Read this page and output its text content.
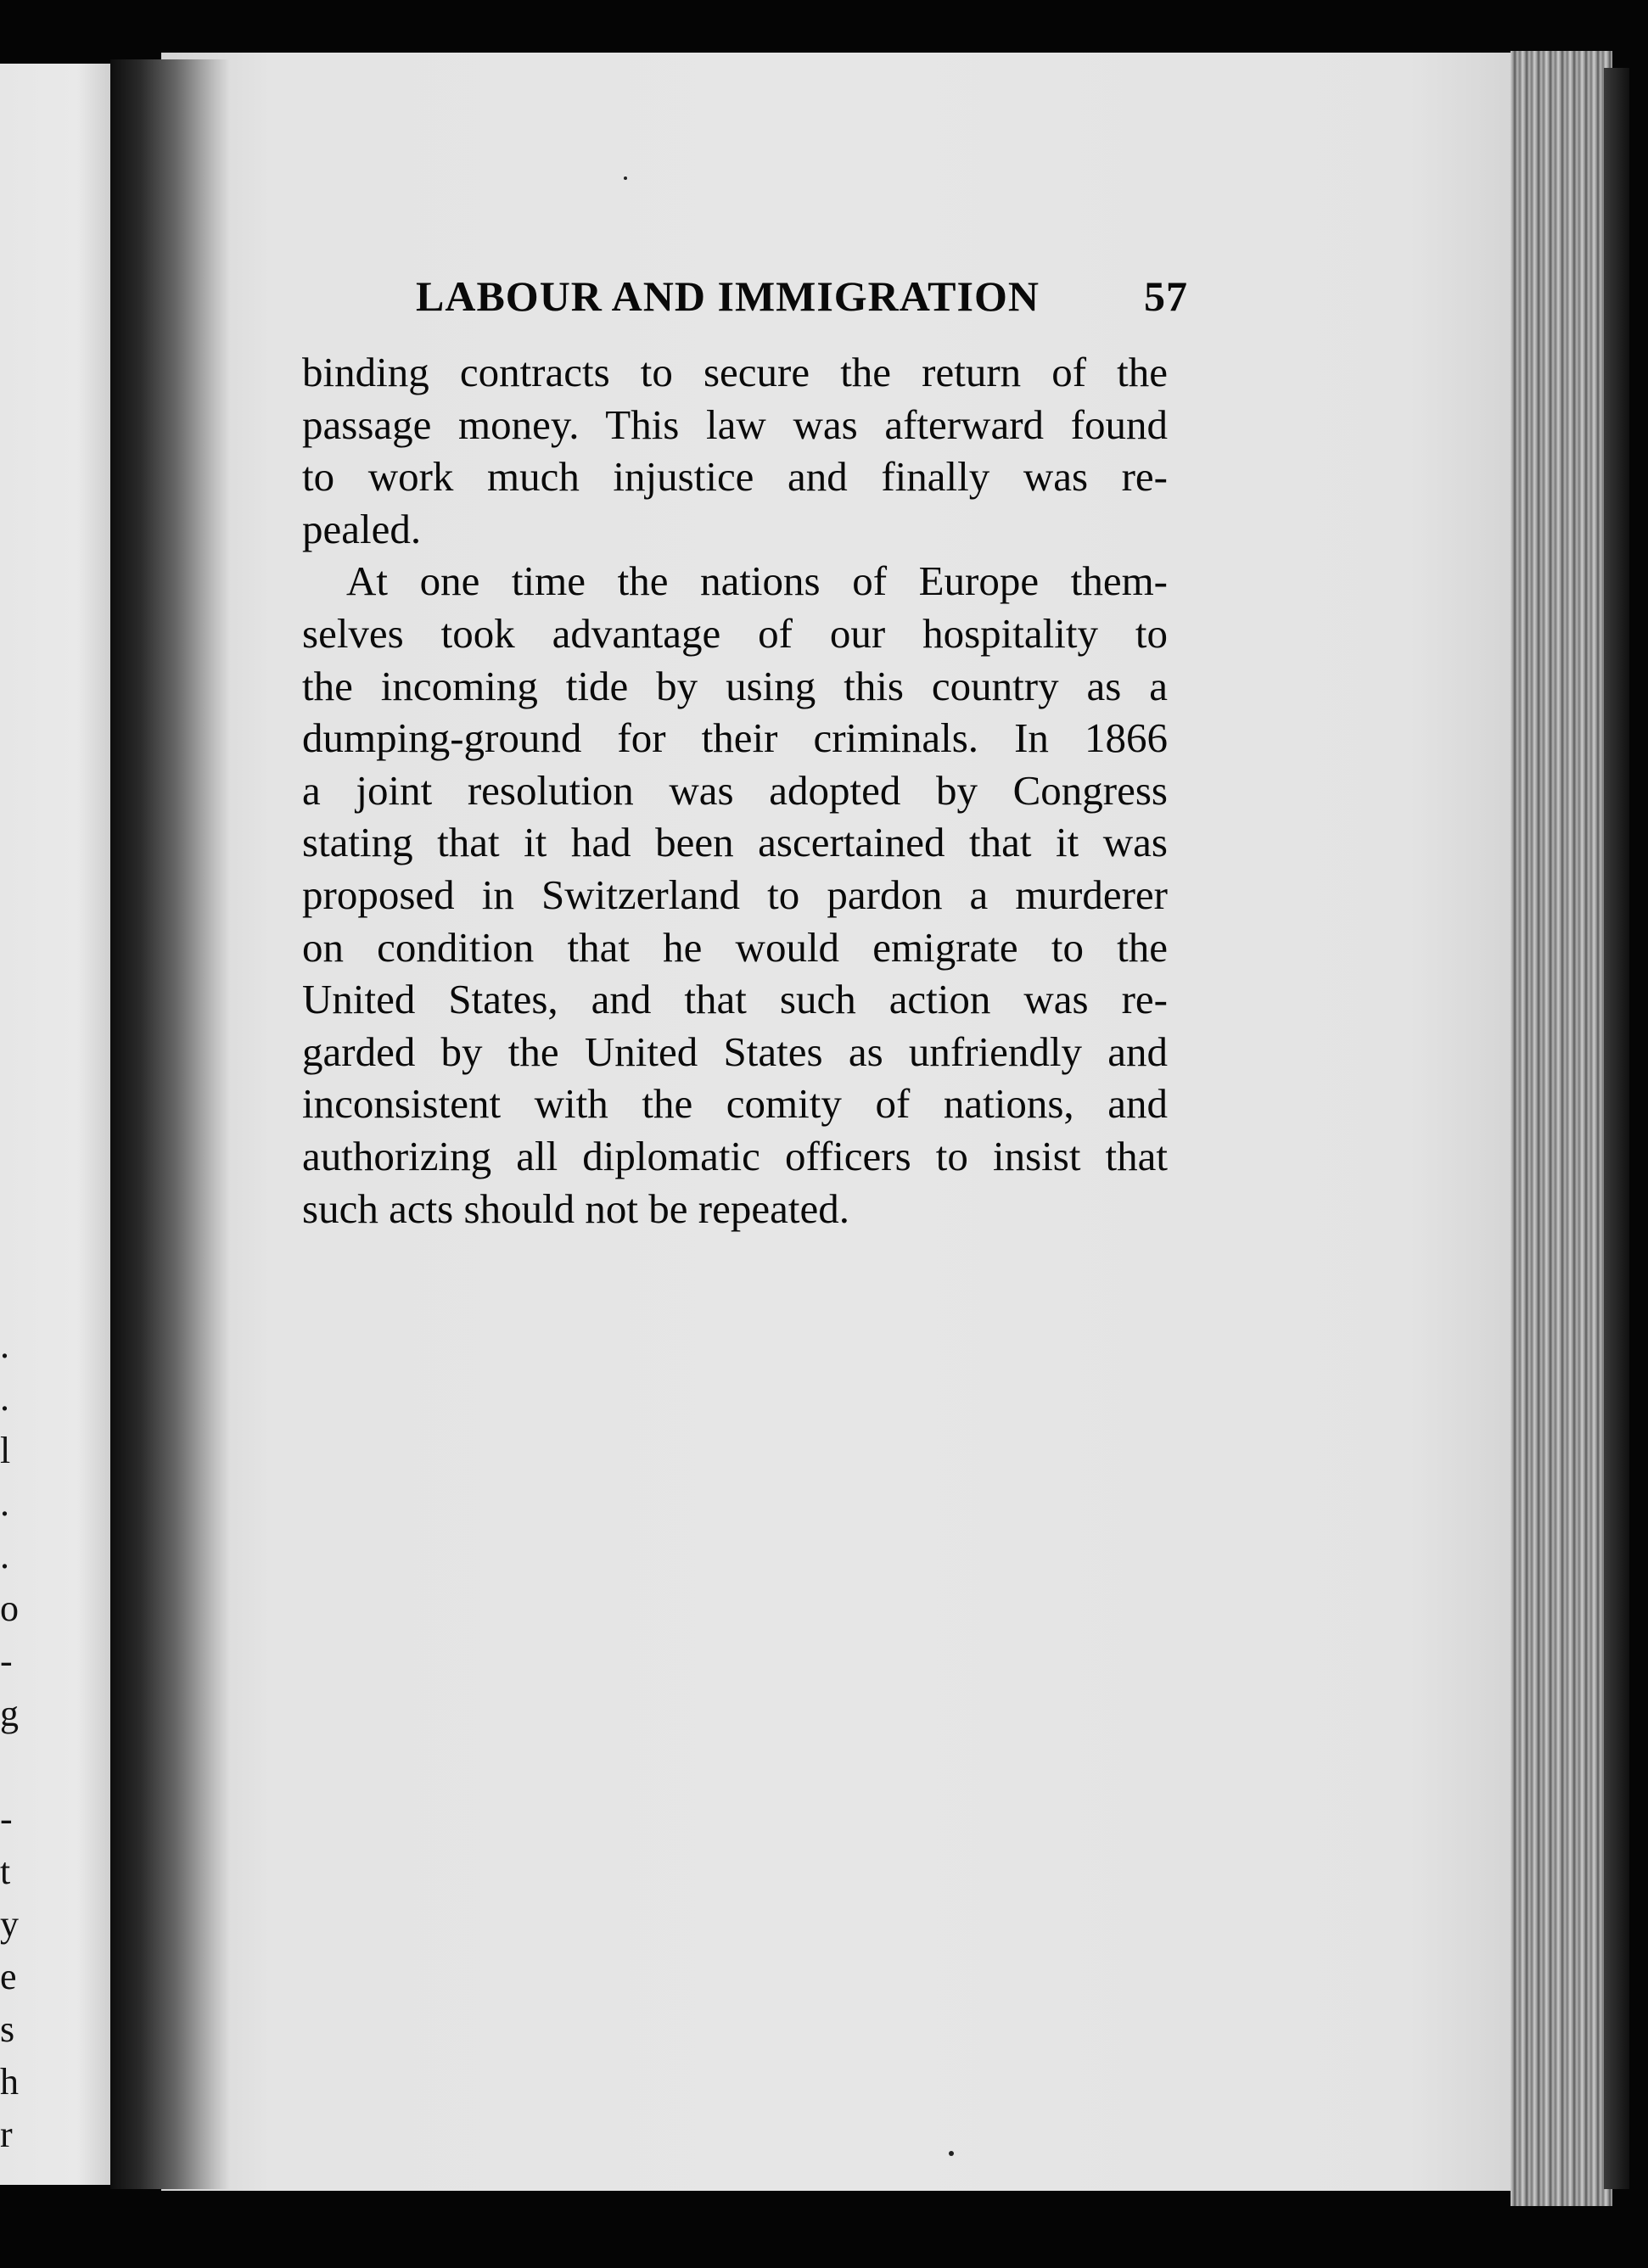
.
.
l
.
.
o
-
g

-
t
y
e
s
h
r
LABOUR AND IMMIGRATION 57
binding contracts to secure the return of the
passage money. This law was afterward found
to work much injustice and finally was re-
pealed.
At one time the nations of Europe them-
selves took advantage of our hospitality to
the incoming tide by using this country as a
dumping-ground for their criminals. In 1866
a joint resolution was adopted by Congress
stating that it had been ascertained that it was
proposed in Switzerland to pardon a murderer
on condition that he would emigrate to the
United States, and that such action was re-
garded by the United States as unfriendly and
inconsistent with the comity of nations, and
authorizing all diplomatic officers to insist that
such acts should not be repeated.
